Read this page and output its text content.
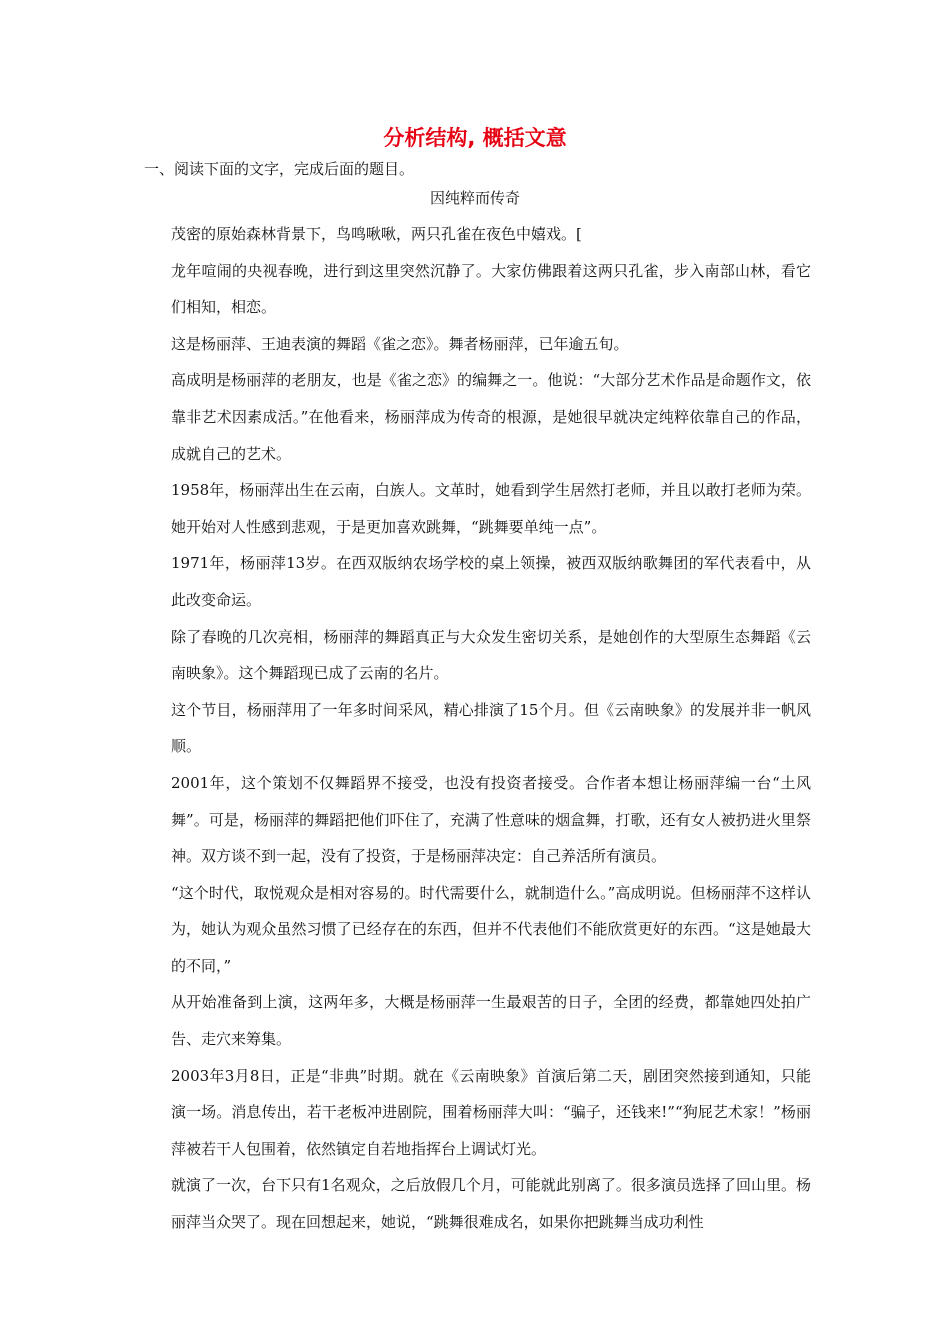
分析结构, 概括文意
一、阅读下面的文字，完成后面的题目。
因纯粹而传奇

茂密的原始森林背景下，鸟鸣啾啾，两只孔雀在夜色中嬉戏。[

龙年喧闹的央视春晚，进行到这里突然沉静了。大家仿佛跟着这两只孔雀，步入南部山林，看它们相知，相恋。

这是杨丽萍、王迪表演的舞蹈《雀之恋》。舞者杨丽萍，已年逾五旬。

高成明是杨丽萍的老朋友，也是《雀之恋》的编舞之一。他说：“大部分艺术作品是命题作文，依靠非艺术因素成活。”在他看来，杨丽萍成为传奇的根源，是她很早就决定纯粹依靠自己的作品，成就自己的艺术。

1958年，杨丽萍出生在云南，白族人。文革时，她看到学生居然打老师，并且以敢打老师为荣。她开始对人性感到悲观，于是更加喜欢跳舞，“跳舞要单纯一点”。

1971年，杨丽萍13岁。在西双版纳农场学校的桌上领操，被西双版纳歌舞团的军代表看中，从此改变命运。

除了春晚的几次亮相，杨丽萍的舞蹈真正与大众发生密切关系，是她创作的大型原生态舞蹈《云南映象》。这个舞蹈现已成了云南的名片。

这个节目，杨丽萍用了一年多时间采风，精心排演了15个月。但《云南映象》的发展并非一帆风顺。

2001年，这个策划不仅舞蹈界不接受，也没有投资者接受。合作者本想让杨丽萍编一台“土风舞”。可是，杨丽萍的舞蹈把他们吓住了，充满了性意味的烟盒舞，打歌，还有女人被扔进火里祭神。双方谈不到一起，没有了投资，于是杨丽萍决定：自己养活所有演员。

“这个时代，取悦观众是相对容易的。时代需要什么，就制造什么。”高成明说。但杨丽萍不这样认为，她认为观众虽然习惯了已经存在的东西，但并不代表他们不能欣赏更好的东西。“这是她最大的不同，”

从开始准备到上演，这两年多，大概是杨丽萍一生最艰苦的日子，全团的经费，都靠她四处拍广告、走穴来筹集。

2003年3月8日，正是“非典”时期。就在《云南映象》首演后第二天，剧团突然接到通知，只能演一场。消息传出，若干老板冲进剧院，围着杨丽萍大叫：“骗子，还钱来!”“狗屁艺术家！”杨丽萍被若干人包围着，依然镇定自若地指挥台上调试灯光。

就演了一次，台下只有1名观众，之后放假几个月，可能就此别离了。很多演员选择了回山里。杨丽萍当众哭了。现在回想起来，她说，“跳舞很难成名，如果你把跳舞当成功利性
